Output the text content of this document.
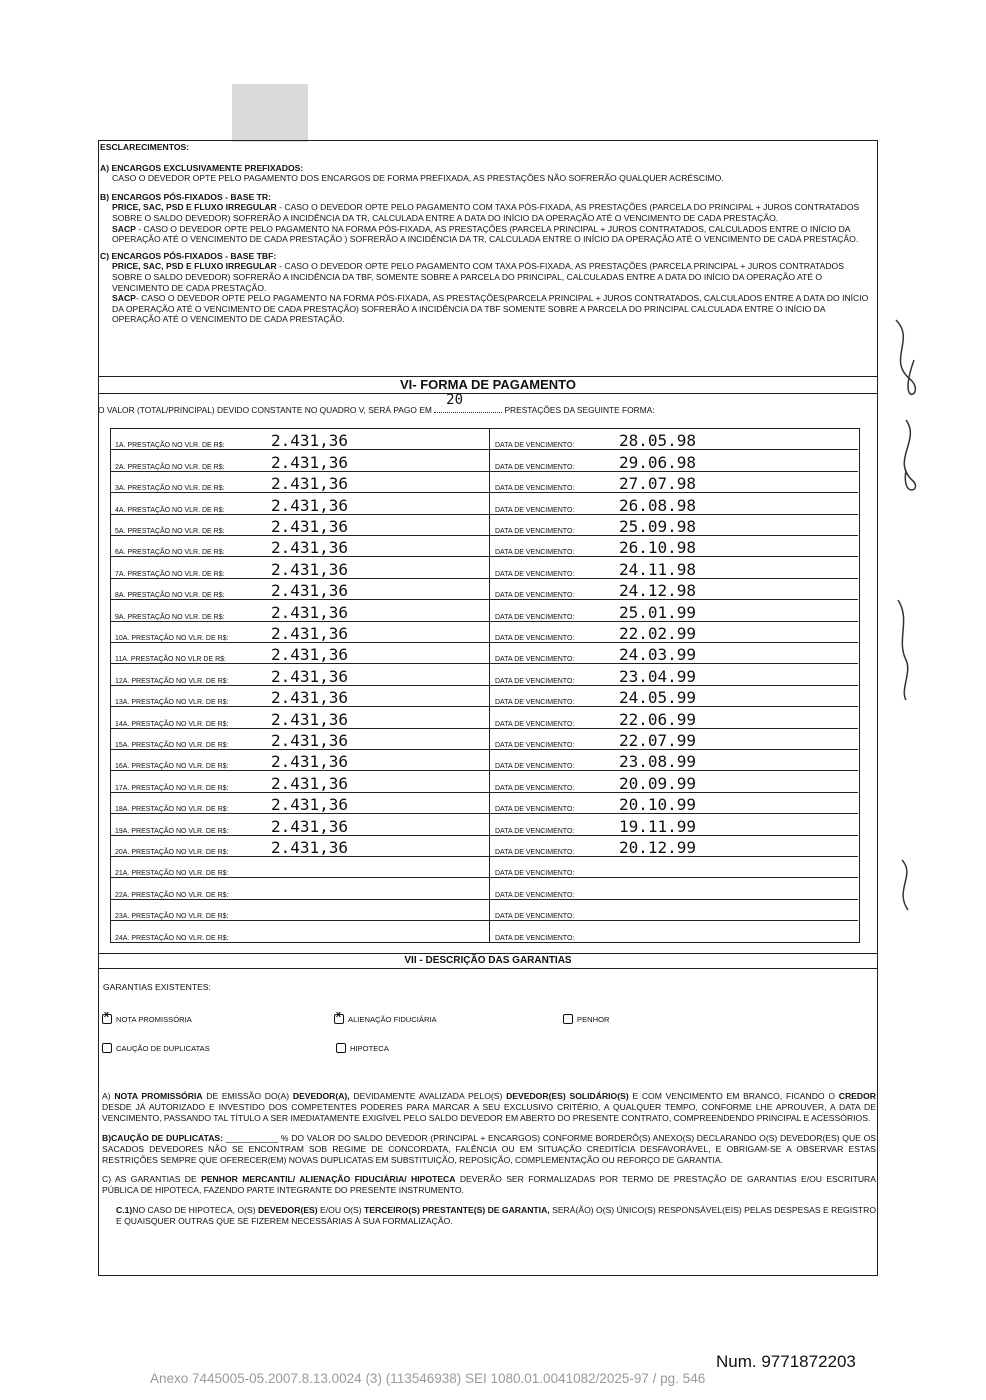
ESCLARECIMENTOS:

A) ENCARGOS EXCLUSIVAMENTE PREFIXADOS:

CASO O DEVEDOR OPTE PELO PAGAMENTO DOS ENCARGOS DE FORMA PREFIXADA, AS PRESTAÇÕES NÃO SOFRERÃO QUALQUER ACRÉSCIMO.

B) ENCARGOS PÓS-FIXADOS - BASE TR:

PRICE, SAC, PSD E FLUXO IRREGULAR - CASO O DEVEDOR OPTE PELO PAGAMENTO COM TAXA PÓS-FIXADA, AS PRESTAÇÕES (PARCELA DO PRINCIPAL + JUROS CONTRATADOS SOBRE O SALDO DEVEDOR) SOFRERÃO A INCIDÊNCIA DA TR, CALCULADA ENTRE A DATA DO INÍCIO DA OPERAÇÃO ATÉ O VENCIMENTO DE CADA PRESTAÇÃO.

SACP - CASO O DEVEDOR OPTE PELO PAGAMENTO NA FORMA PÓS-FIXADA, AS PRESTAÇÕES (PARCELA PRINCIPAL + JUROS CONTRATADOS, CALCULADOS ENTRE O INÍCIO DA OPERAÇÃO ATÉ O VENCIMENTO DE CADA PRESTAÇÃO ) SOFRERÃO A INCIDÊNCIA DA TR, CALCULADA ENTRE O INÍCIO DA OPERAÇÃO ATÉ O VENCIMENTO DE CADA PRESTAÇÃO.

C) ENCARGOS PÓS-FIXADOS - BASE TBF:

PRICE, SAC, PSD E FLUXO IRREGULAR - CASO O DEVEDOR OPTE PELO PAGAMENTO COM TAXA PÓS-FIXADA, AS PRESTAÇÕES (PARCELA PRINCIPAL + JUROS CONTRATADOS SOBRE O SALDO DEVEDOR) SOFRERÃO A INCIDÊNCIA DA TBF, SOMENTE SOBRE A PARCELA DO PRINCIPAL, CALCULADAS ENTRE A DATA DO INÍCIO DA OPERAÇÃO ATÉ O VENCIMENTO DE CADA PRESTAÇÃO.

SACP- CASO O DEVEDOR OPTE PELO PAGAMENTO NA FORMA PÓS-FIXADA, AS PRESTAÇÕES(PARCELA PRINCIPAL + JUROS CONTRATADOS, CALCULADOS ENTRE A DATA DO INÍCIO DA OPERAÇÃO ATÉ O VENCIMENTO DE CADA PRESTAÇÃO) SOFRERÃO A INCIDÊNCIA DA TBF SOMENTE SOBRE A PARCELA DO PRINCIPAL CALCULADA ENTRE O INÍCIO DA OPERAÇÃO ATÉ O VENCIMENTO DE CADA PRESTAÇÃO.

VI- FORMA DE PAGAMENTO
O VALOR (TOTAL/PRINCIPAL) DEVIDO CONSTANTE NO QUADRO V, SERÁ PAGO EM
20
PRESTAÇÕES DA SEGUINTE FORMA:
1A. PRESTAÇÃO NO VLR. DE R$:	2.431,36	DATA DE VENCIMENTO:	28.05.98
2A. PRESTAÇÃO NO VLR. DE R$:	2.431,36	DATA DE VENCIMENTO:	29.06.98
3A. PRESTAÇÃO NO VLR. DE R$:	2.431,36	DATA DE VENCIMENTO:	27.07.98
4A. PRESTAÇÃO NO VLR. DE R$:	2.431,36	DATA DE VENCIMENTO:	26.08.98
5A. PRESTAÇÃO NO VLR. DE R$:	2.431,36	DATA DE VENCIMENTO:	25.09.98
6A. PRESTAÇÃO NO VLR. DE R$:	2.431,36	DATA DE VENCIMENTO:	26.10.98
7A. PRESTAÇÃO NO VLR. DE R$:	2.431,36	DATA DE VENCIMENTO:	24.11.98
8A. PRESTAÇÃO NO VLR. DE R$:	2.431,36	DATA DE VENCIMENTO:	24.12.98
9A. PRESTAÇÃO NO VLR. DE R$:	2.431,36	DATA DE VENCIMENTO:	25.01.99
10A. PRESTAÇÃO NO VLR. DE R$:	2.431,36	DATA DE VENCIMENTO:	22.02.99
11A. PRESTAÇÃO NO VLR DE R$:	2.431,36	DATA DE VENCIMENTO:	24.03.99
12A. PRESTAÇÃO NO VLR. DE R$:	2.431,36	DATA DE VENCIMENTO:	23.04.99
13A. PRESTAÇÃO NO VLR. DE R$:	2.431,36	DATA DE VENCIMENTO:	24.05.99
14A. PRESTAÇÃO NO VLR. DE R$:	2.431,36	DATA DE VENCIMENTO:	22.06.99
15A. PRESTAÇÃO NO VLR. DE R$:	2.431,36	DATA DE VENCIMENTO:	22.07.99
16A. PRESTAÇÃO NO VLR. DE R$:	2.431,36	DATA DE VENCIMENTO:	23.08.99
17A. PRESTAÇÃO NO VLR. DE R$:	2.431,36	DATA DE VENCIMENTO:	20.09.99
18A. PRESTAÇÃO NO VLR. DE R$:	2.431,36	DATA DE VENCIMENTO:	20.10.99
19A. PRESTAÇÃO NO VLR. DE R$:	2.431,36	DATA DE VENCIMENTO:	19.11.99
20A. PRESTAÇÃO NO VLR. DE R$:	2.431,36	DATA DE VENCIMENTO:	20.12.99
21A. PRESTAÇÃO NO VLR. DE R$:	DATA DE VENCIMENTO:
22A. PRESTAÇÃO NO VLR. DE R$:	DATA DE VENCIMENTO:
23A. PRESTAÇÃO NO VLR. DE R$:	DATA DE VENCIMENTO:
24A. PRESTAÇÃO NO VLR. DE R$:	DATA DE VENCIMENTO:
VII - DESCRIÇÃO DAS GARANTIAS
GARANTIAS EXISTENTES:
x
NOTA PROMISSÓRIA
x	ALIENAÇÃO FIDUCIÁRIA	PENHOR
CAUÇÃO DE DUPLICATAS	HIPOTECA

A) NOTA PROMISSÓRIA DE EMISSÃO DO(A) DEVEDOR(A), DEVIDAMENTE AVALIZADA PELO(S) DEVEDOR(ES) SOLIDÁRIO(S) E COM VENCIMENTO EM BRANCO, FICANDO O CREDOR DESDE JÁ AUTORIZADO E INVESTIDO DOS COMPETENTES PODERES PARA MARCAR A SEU EXCLUSIVO CRITÉRIO, A QUALQUER TEMPO, CONFORME LHE APROUVER, A DATA DE VENCIMENTO, PASSANDO TAL TÍTULO A SER IMEDIATAMENTE EXIGÍVEL PELO SALDO DEVEDOR EM ABERTO DO PRESENTE CONTRATO, COMPREENDENDO PRINCIPAL E ACESSÓRIOS.

B)CAUÇÃO DE DUPLICATAS: ___________ % DO VALOR DO SALDO DEVEDOR (PRINCIPAL + ENCARGOS) CONFORME BORDERÔ(S) ANEXO(S) DECLARANDO O(S) DEVEDOR(ES) QUE OS SACADOS DEVEDORES NÃO SE ENCONTRAM SOB REGIME DE CONCORDATA, FALÊNCIA OU EM SITUAÇÃO CREDITÍCIA DESFAVORÁVEL, E OBRIGAM-SE A OBSERVAR ESTAS RESTRIÇÕES SEMPRE QUE OFERECER(EM) NOVAS DUPLICATAS EM SUBSTITUIÇÃO, REPOSIÇÃO, COMPLEMENTAÇÃO OU REFORÇO DE GARANTIA.

C) AS GARANTIAS DE PENHOR MERCANTIL/ ALIENAÇÃO FIDUCIÁRIA/ HIPOTECA DEVERÃO SER FORMALIZADAS POR TERMO DE PRESTAÇÃO DE GARANTIAS E/OU ESCRITURA PÚBLICA DE HIPOTECA, FAZENDO PARTE INTEGRANTE DO PRESENTE INSTRUMENTO.

C.1)NO CASO DE HIPOTECA, O(S) DEVEDOR(ES) E/OU O(S) TERCEIRO(S) PRESTANTE(S) DE GARANTIA, SERÁ(ÃO) O(S) ÚNICO(S) RESPONSÁVEL(EIS) PELAS DESPESAS E REGISTRO E QUAISQUER OUTRAS QUE SE FIZEREM NECESSÁRIAS À SUA FORMALIZAÇÃO.

Num. 9771872203
Anexo 7445005-05.2007.8.13.0024 (3) (113546938) SEI 1080.01.0041082/2025-97 / pg. 546
